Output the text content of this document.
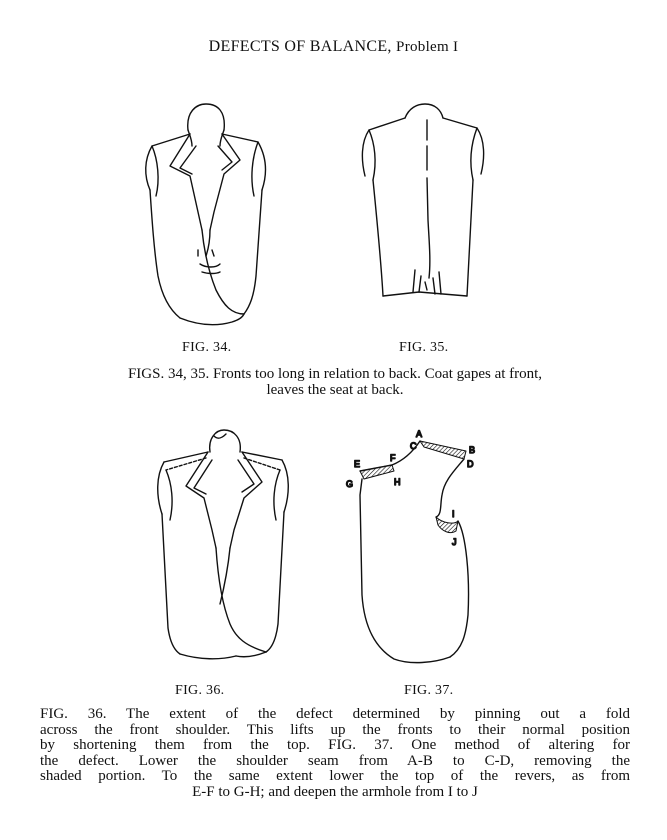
DEFECTS OF BALANCE, Problem I
FIG. 34.	FIG. 35.
FIGS. 34, 35. Fronts too long in relation to back. Coat gapes at front,
leaves the seat at back.
FIG. 36.
A
C	B
D
E
F
G	H
I
J
FIG. 37.
FIG. 36. The extent of the defect determined by pinning out a fold
across the front shoulder. This lifts up the fronts to their normal position
by shortening them from the top. FIG. 37. One method of altering for
the defect. Lower the shoulder seam from A-B to C-D, removing the
shaded portion. To the same extent lower the top of the revers, as from
E-F to G-H; and deepen the armhole from I to J
